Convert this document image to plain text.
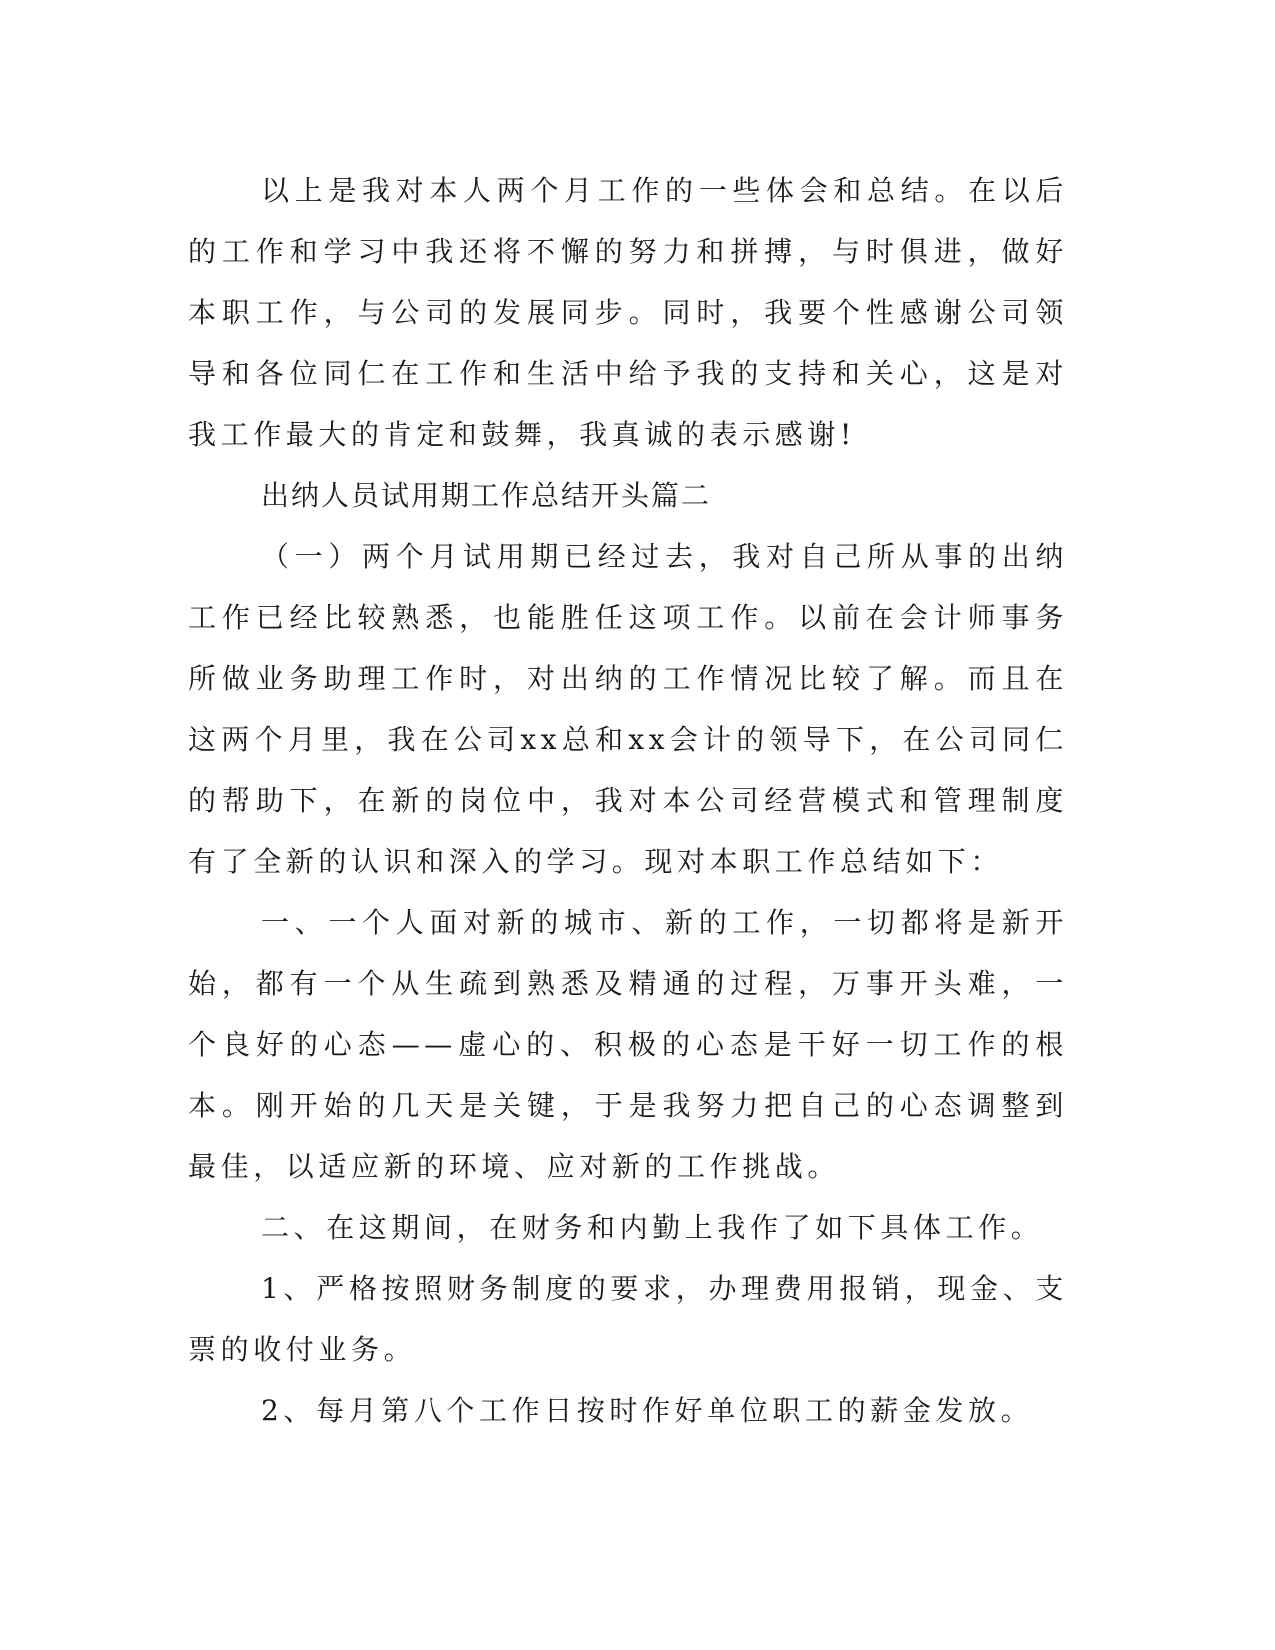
以上是我对本人两个月工作的一些体会和总结。在以后的工作和学习中我还将不懈的努力和拼搏，与时俱进，做好本职工作，与公司的发展同步。同时，我要个性感谢公司领导和各位同仁在工作和生活中给予我的支持和关心，这是对我工作最大的肯定和鼓舞，我真诚的表示感谢!

出纳人员试用期工作总结开头篇二

（一）两个月试用期已经过去，我对自己所从事的出纳工作已经比较熟悉，也能胜任这项工作。以前在会计师事务所做业务助理工作时，对出纳的工作情况比较了解。而且在这两个月里，我在公司xx总和xx会计的领导下，在公司同仁的帮助下，在新的岗位中，我对本公司经营模式和管理制度有了全新的认识和深入的学习。现对本职工作总结如下：

一、一个人面对新的城市、新的工作，一切都将是新开始，都有一个从生疏到熟悉及精通的过程，万事开头难，一个良好的心态——虚心的、积极的心态是干好一切工作的根本。刚开始的几天是关键，于是我努力把自己的心态调整到最佳，以适应新的环境、应对新的工作挑战。

二、在这期间，在财务和内勤上我作了如下具体工作。

1、严格按照财务制度的要求，办理费用报销，现金、支票的收付业务。

2、每月第八个工作日按时作好单位职工的薪金发放。
